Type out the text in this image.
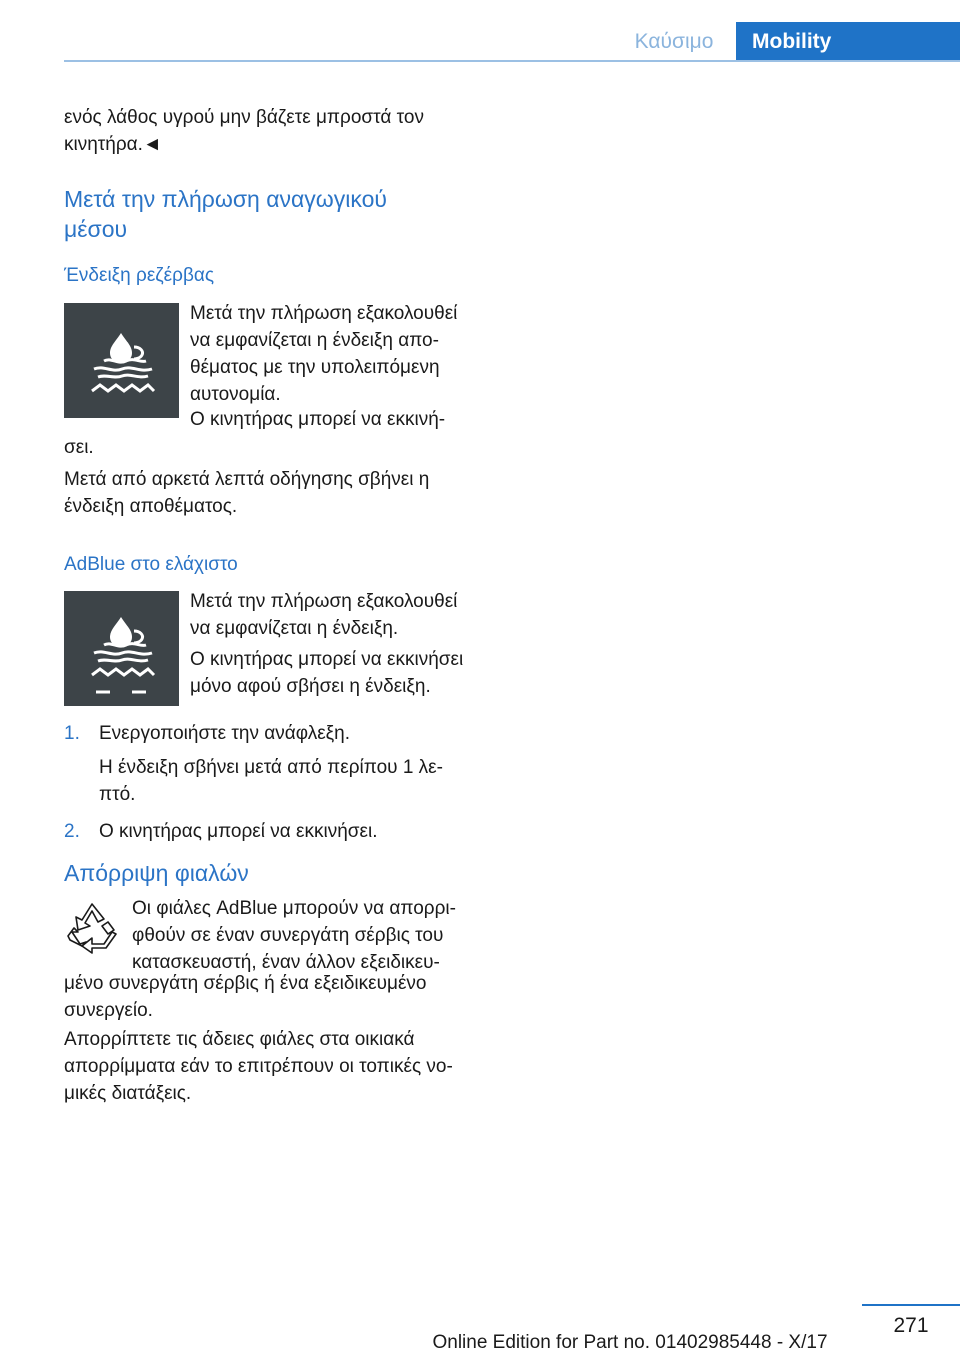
Καύσιμο	Mobility
ενός λάθος υγρού μην βάζετε μπροστά τον
κινητήρα.◄
Μετά την πλήρωση αναγωγικού
μέσου
Ένδειξη ρεζέρβας
Μετά την πλήρωση εξακολουθεί
να εμφανίζεται η ένδειξη απο-
θέματος με την υπολειπόμενη
αυτονομία.
Ο κινητήρας μπορεί να εκκινή-
σει.
Μετά από αρκετά λεπτά οδήγησης σβήνει η
ένδειξη αποθέματος.
AdBlue στο ελάχιστο
Μετά την πλήρωση εξακολουθεί
να εμφανίζεται η ένδειξη.
Ο κινητήρας μπορεί να εκκινήσει
μόνο αφού σβήσει η ένδειξη.
1. Ενεργοποιήστε την ανάφλεξη.
Η ένδειξη σβήνει μετά από περίπου 1 λε-
πτό.
2. Ο κινητήρας μπορεί να εκκινήσει.
Απόρριψη φιαλών
Οι φιάλες AdBlue μπορούν να απορρι-
φθούν σε έναν συνεργάτη σέρβις του
κατασκευαστή, έναν άλλον εξειδικευ-
μένο συνεργάτη σέρβις ή ένα εξειδικευμένο
συνεργείο.
Απορρίπτετε τις άδειες φιάλες στα οικιακά
απορρίμματα εάν το επιτρέπουν οι τοπικές νο-
μικές διατάξεις.
271
Online Edition for Part no. 01402985448 - X/17
